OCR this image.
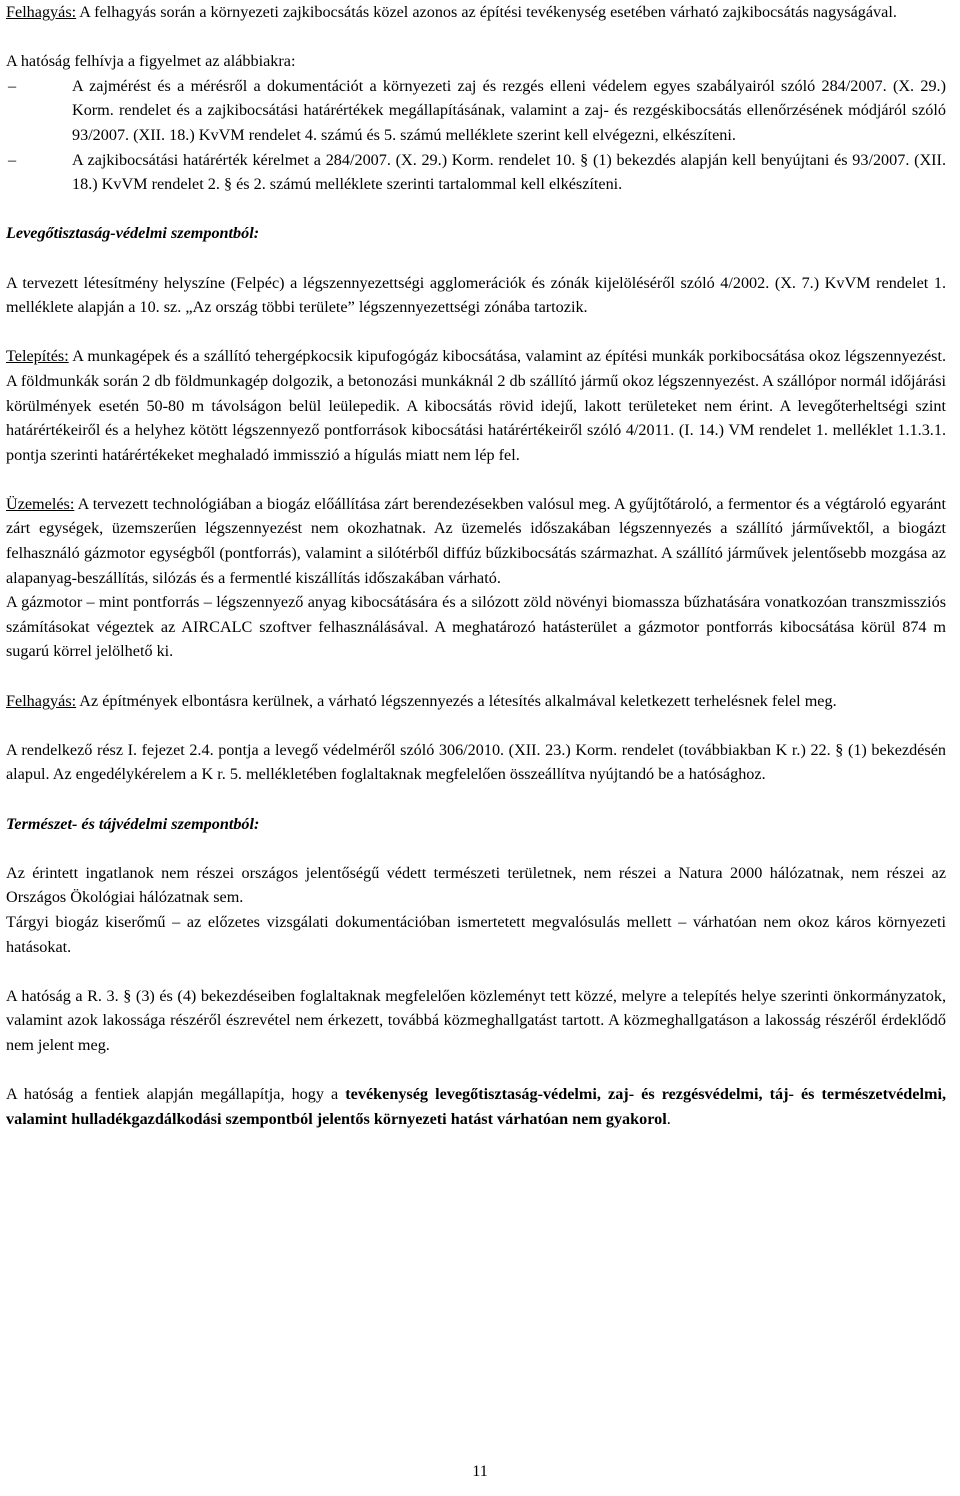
Felhagyás: A felhagyás során a környezeti zajkibocsátás közel azonos az építési tevékenység esetében várható zajkibocsátás nagyságával.

A hatóság felhívja a figyelmet az alábbiakra:

–	A zajmérést és a mérésről a dokumentációt a környezeti zaj és rezgés elleni védelem egyes szabályairól szóló 284/2007. (X. 29.) Korm. rendelet és a zajkibocsátási határértékek megállapításának, valamint a zaj- és rezgéskibocsátás ellenőrzésének módjáról szóló 93/2007. (XII. 18.) KvVM rendelet 4. számú és 5. számú melléklete szerint kell elvégezni, elkészíteni.
–	A zajkibocsátási határérték kérelmet a 284/2007. (X. 29.) Korm. rendelet 10. § (1) bekezdés alapján kell benyújtani és 93/2007. (XII. 18.) KvVM rendelet 2. § és 2. számú melléklete szerinti tartalommal kell elkészíteni.

Levegőtisztaság-védelmi szempontból:

A tervezett létesítmény helyszíne (Felpéc) a légszennyezettségi agglomerációk és zónák kijelöléséről szóló 4/2002. (X. 7.) KvVM rendelet 1. melléklete alapján a 10. sz. „Az ország többi területe” légszennyezettségi zónába tartozik.

Telepítés: A munkagépek és a szállító tehergépkocsik kipufogógáz kibocsátása, valamint az építési munkák porkibocsátása okoz légszennyezést. A földmunkák során 2 db földmunkagép dolgozik, a betonozási munkáknál 2 db szállító jármű okoz légszennyezést. A szállópor normál időjárási körülmények esetén 50-80 m távolságon belül leülepedik. A kibocsátás rövid idejű, lakott területeket nem érint. A levegőterheltségi szint határértékeiről és a helyhez kötött légszennyező pontforrások kibocsátási határértékeiről szóló 4/2011. (I. 14.) VM rendelet 1. melléklet 1.1.3.1. pontja szerinti határértékeket meghaladó immisszió a hígulás miatt nem lép fel.

Üzemelés: A tervezett technológiában a biogáz előállítása zárt berendezésekben valósul meg. A gyűjtőtároló, a fermentor és a végtároló egyaránt zárt egységek, üzemszerűen légszennyezést nem okozhatnak. Az üzemelés időszakában légszennyezés a szállító járművektől, a biogázt felhasználó gázmotor egységből (pontforrás), valamint a silótérből diffúz bűzkibocsátás származhat. A szállító járművek jelentősebb mozgása az alapanyag-beszállítás, silózás és a fermentlé kiszállítás időszakában várható.

A gázmotor – mint pontforrás – légszennyező anyag kibocsátására és a silózott zöld növényi biomassza bűzhatására vonatkozóan transzmissziós számításokat végeztek az AIRCALC szoftver felhasználásával. A meghatározó hatásterület a gázmotor pontforrás kibocsátása körül 874 m sugarú körrel jelölhető ki.

Felhagyás: Az építmények elbontásra kerülnek, a várható légszennyezés a létesítés alkalmával keletkezett terhelésnek felel meg.

A rendelkező rész I. fejezet 2.4. pontja a levegő védelméről szóló 306/2010. (XII. 23.) Korm. rendelet (továbbiakban K r.) 22. § (1) bekezdésén alapul. Az engedélykérelem a K r. 5. mellékletében foglaltaknak megfelelően összeállítva nyújtandó be a hatósághoz.

Természet- és tájvédelmi szempontból:

Az érintett ingatlanok nem részei országos jelentőségű védett természeti területnek, nem részei a Natura 2000 hálózatnak, nem részei az Országos Ökológiai hálózatnak sem.

Tárgyi biogáz kiserőmű – az előzetes vizsgálati dokumentációban ismertetett megvalósulás mellett – várhatóan nem okoz káros környezeti hatásokat.

A hatóság a R. 3. § (3) és (4) bekezdéseiben foglaltaknak megfelelően közleményt tett közzé, melyre a telepítés helye szerinti önkormányzatok, valamint azok lakossága részéről észrevétel nem érkezett, továbbá közmeghallgatást tartott. A közmeghallgatáson a lakosság részéről érdeklődő nem jelent meg.

A hatóság a fentiek alapján megállapítja, hogy a tevékenység levegőtisztaság-védelmi, zaj- és rezgésvédelmi, táj- és természetvédelmi, valamint hulladékgazdálkodási szempontból jelentős környezeti hatást várhatóan nem gyakorol.

11
